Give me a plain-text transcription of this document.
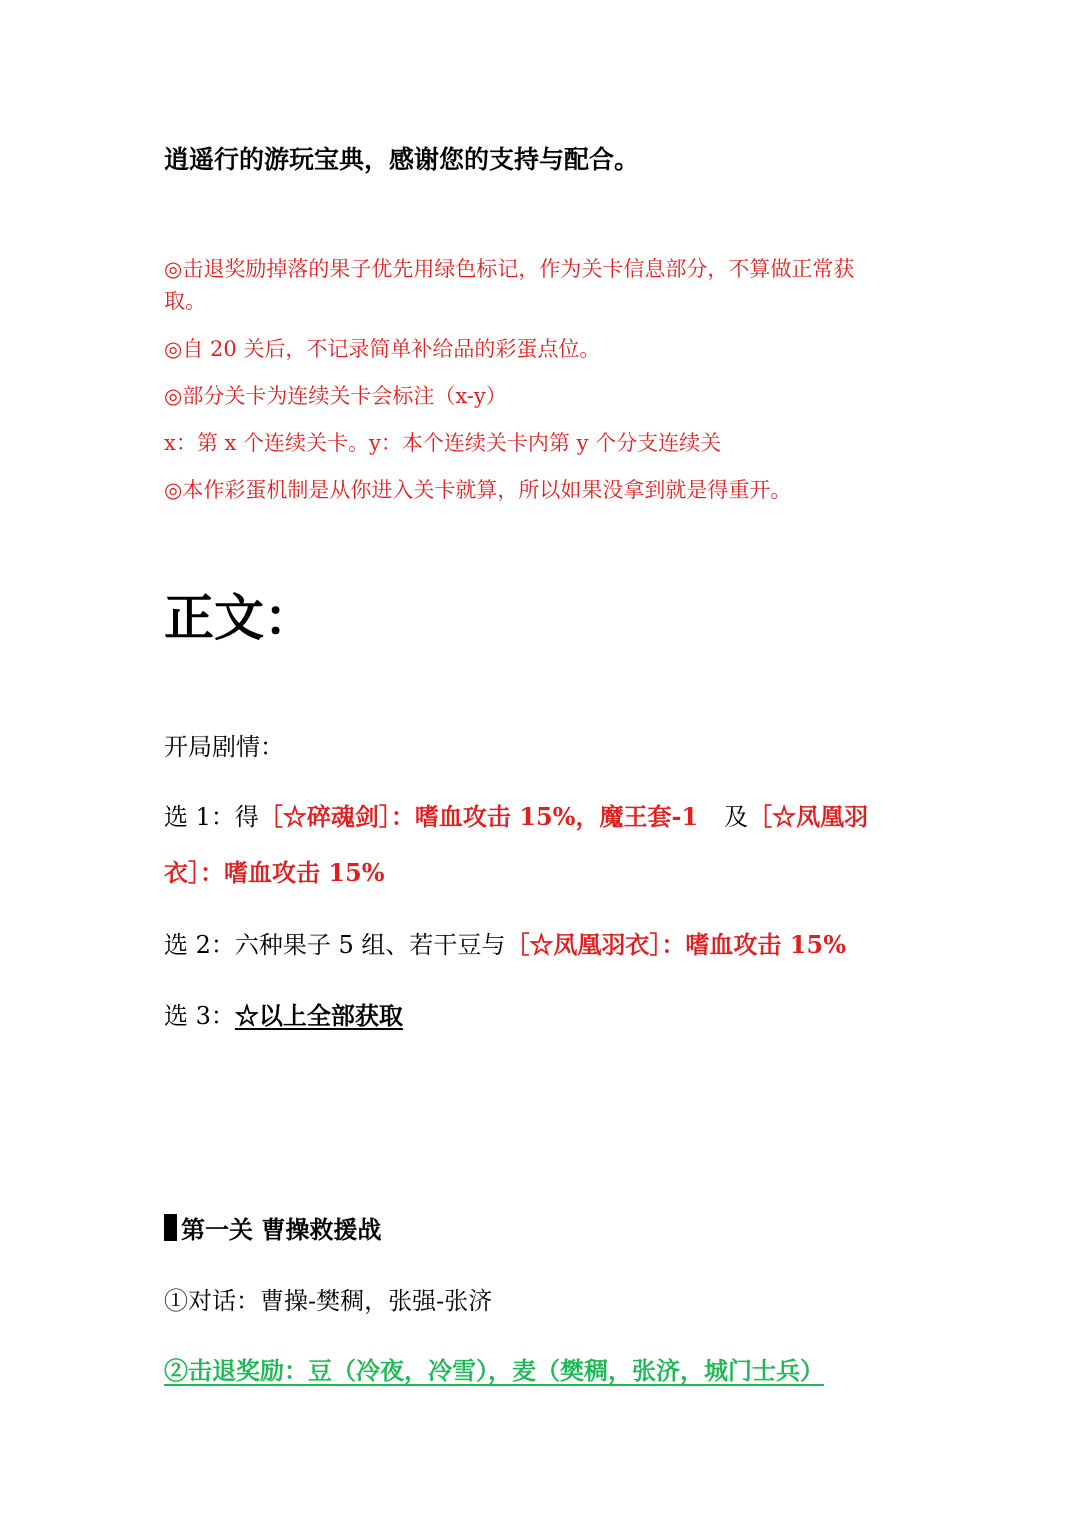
逍遥行的游玩宝典，感谢您的支持与配合。
◎击退奖励掉落的果子优先用绿色标记，作为关卡信息部分，不算做正常获取。
◎自 20 关后，不记录简单补给品的彩蛋点位。
◎部分关卡为连续关卡会标注（x-y）
x：第 x 个连续关卡。y：本个连续关卡内第 y 个分支连续关
◎本作彩蛋机制是从你进入关卡就算，所以如果没拿到就是得重开。
正文：
开局剧情：
选 1：得［☆碎魂剑］：嗜血攻击 15%，魔王套-1 及［☆凤凰羽
衣］：嗜血攻击 15%
选 2：六种果子 5 组、若干豆与［☆凤凰羽衣］：嗜血攻击 15%
选 3：☆以上全部获取
第一关 曹操救援战
①对话：曹操-樊稠，张强-张济
②击退奖励：豆（冷夜，冷雪），麦（樊稠，张济，城门士兵）
